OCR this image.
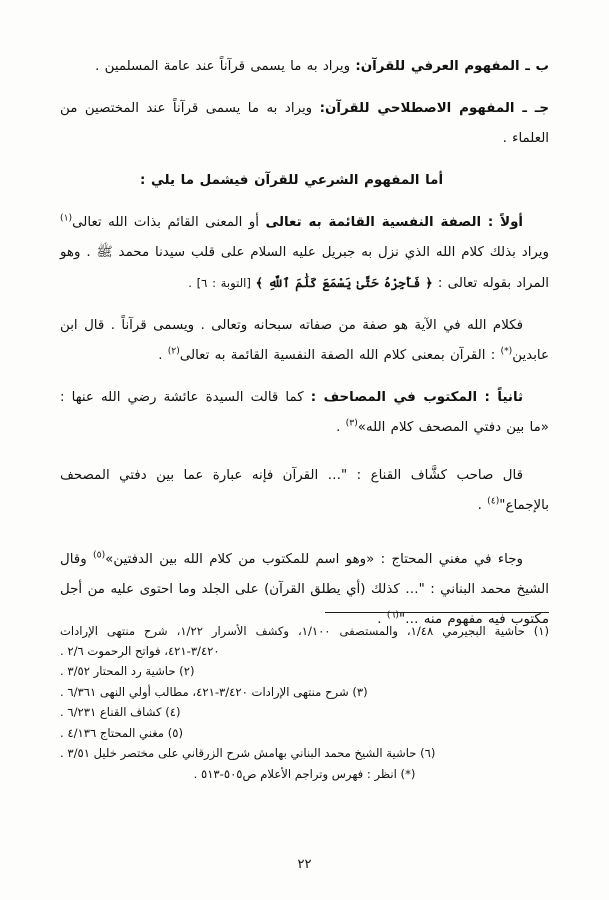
ب ـ المفهوم العرفي للقرآن: ويراد به ما يسمى قرآناً عند عامة المسلمين .

جـ ـ المفهوم الاصطلاحي للقرآن: ويراد به ما يسمى قرآناً عند المختصين من العلماء .

أما المفهوم الشرعي للقرآن فيشمل ما يلي :

أولاً : الصفة النفسية القائمة به تعالى أو المعنى القائم بذات الله تعالى$^{(١)}$ ويراد بذلك كلام الله الذي نزل به جبريل عليه السلام على قلب سيدنا محمد ﷺ . وهو المراد بقوله تعالى : ﴿ فَأَجِرْهُ حَتَّىٰ يَسْمَعَ كَلَٰمَ ٱللَّهِ ﴾ [التوبة : ٦] .

فكلام الله في الآية هو صفة من صفاته سبحانه وتعالى . ويسمى قرآناً . قال ابن عابدين(*) : القرآن بمعنى كلام الله الصفة النفسية القائمة به تعالى$^{(٢)}$ .

ثانياً : المكتوب في المصاحف : كما قالت السيدة عائشة رضي الله عنها : «ما بين دفتي المصحف كلام الله»$^{(٣)}$ .

قال صاحب كشَّاف القناع : "… القرآن فإنه عبارة عما بين دفتي المصحف بالإجماع"$^{(٤)}$ .

وجاء في مغني المحتاج : «وهو اسم للمكتوب من كلام الله بين الدفتين»$^{(٥)}$ وقال الشيخ محمد البناني : "… كذلك (أي يطلق القرآن) على الجلد وما احتوى عليه من أجل مكتوب فيه مفهوم منه …"$^{(٦)}$ .

(١) حاشية البجيرمي ١/٤٨، والمستصفى ١/١٠٠، وكشف الأسرار ١/٢٢، شرح منتهى الإرادات ٣/٤٢٠-٤٢١، فواتح الرحموت ٢/٦ .
(٢) حاشية رد المحتار ٣/٥٢ .
(٣) شرح منتهى الإرادات ٣/٤٢٠-٤٢١، مطالب أولي النهى ٦/٣٦١ .
(٤) كشاف القناع ٦/٢٣١ .
(٥) مغني المحتاج ٤/١٣٦ .
(٦) حاشية الشيخ محمد البناني بهامش شرح الزرقاني على مختصر خليل ٣/٥١ .
(*) انظر : فهرس وتراجم الأعلام ص٥٠٥-٥١٣ .
٢٢
